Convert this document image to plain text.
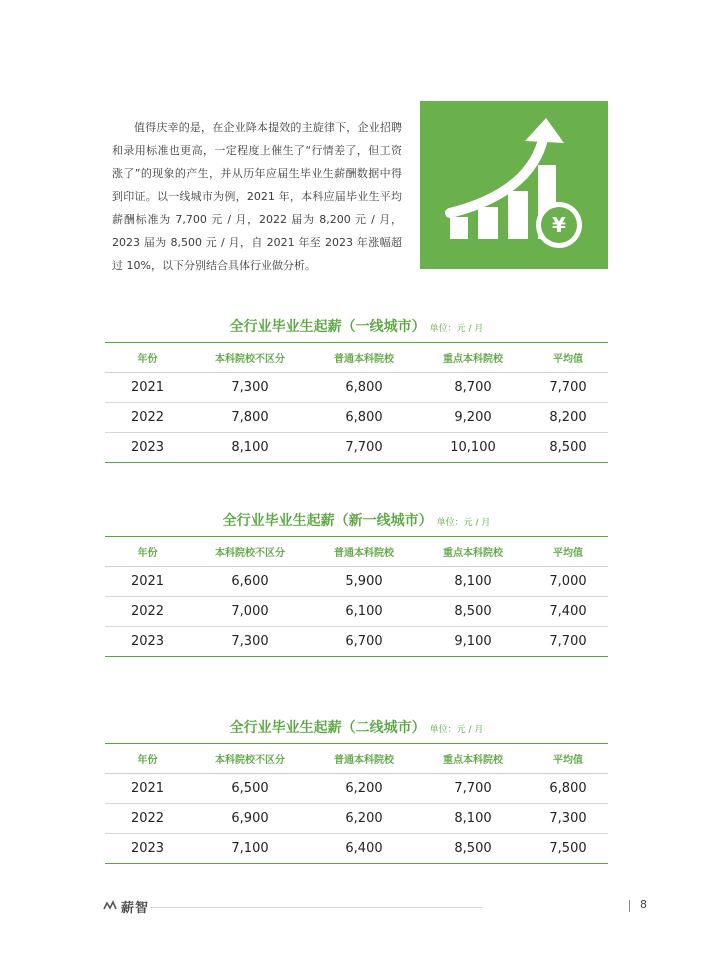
值得庆幸的是，在企业降本提效的主旋律下，企业招聘和录用标准也更高，一定程度上催生了“行情差了，但工资涨了”的现象的产生，并从历年应届生毕业生薪酬数据中得到印证。以一线城市为例，2021 年，本科应届毕业生平均薪酬标准为 7,700 元 / 月，2022 届为 8,200 元 / 月，2023 届为 8,500 元 / 月，自 2021 年至 2023 年涨幅超过 10%，以下分别结合具体行业做分析。

¥
全行业毕业生起薪（一线城市） 单位：元 / 月
年份	本科院校不区分	普通本科院校	重点本科院校	平均值
2021	7,300	6,800	8,700	7,700
2022	7,800	6,800	9,200	8,200
2023	8,100	7,700	10,100	8,500
全行业毕业生起薪（新一线城市） 单位：元 / 月
年份	本科院校不区分	普通本科院校	重点本科院校	平均值
2021	6,600	5,900	8,100	7,000
2022	7,000	6,100	8,500	7,400
2023	7,300	6,700	9,100	7,700
全行业毕业生起薪（二线城市） 单位：元 / 月
年份	本科院校不区分	普通本科院校	重点本科院校	平均值
2021	6,500	6,200	7,700	6,800
2022	6,900	6,200	8,100	7,300
2023	7,100	6,400	8,500	7,500
薪智	8
